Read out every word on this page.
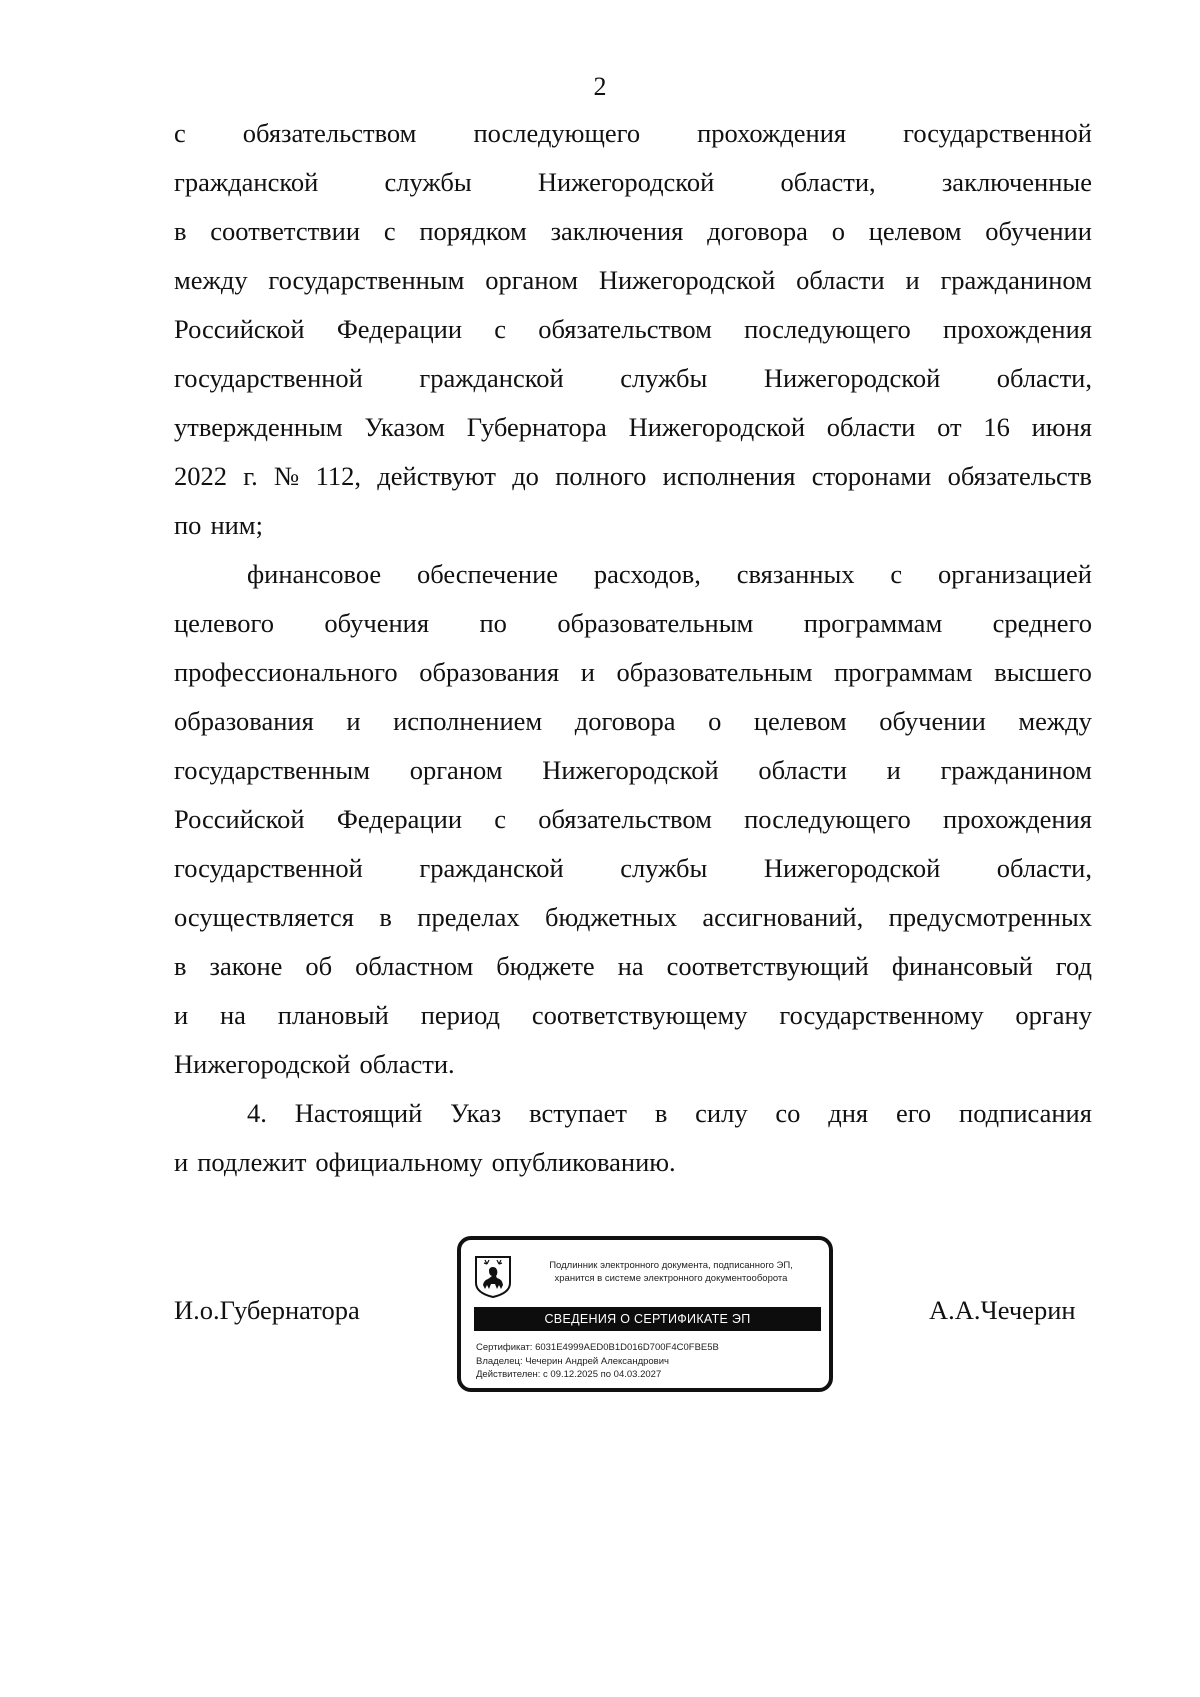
2
с обязательством последующего прохождения государственной
гражданской службы Нижегородской области, заключенные
в соответствии с порядком заключения договора о целевом обучении
между государственным органом Нижегородской области и гражданином
Российской Федерации с обязательством последующего прохождения
государственной гражданской службы Нижегородской области,
утвержденным Указом Губернатора Нижегородской области от 16 июня
2022 г. № 112, действуют до полного исполнения сторонами обязательств
по ним;
финансовое обеспечение расходов, связанных с организацией
целевого обучения по образовательным программам среднего
профессионального образования и образовательным программам высшего
образования и исполнением договора о целевом обучении между
государственным органом Нижегородской области и гражданином
Российской Федерации с обязательством последующего прохождения
государственной гражданской службы Нижегородской области,
осуществляется в пределах бюджетных ассигнований, предусмотренных
в законе об областном бюджете на соответствующий финансовый год
и на плановый период соответствующему государственному органу
Нижегородской области.
4. Настоящий Указ вступает в силу со дня его подписания
и подлежит официальному опубликованию.
И.о.Губернатора
Подлинник электронного документа, подписанного ЭП,
хранится в системе электронного документооборота
СВЕДЕНИЯ О СЕРТИФИКАТЕ ЭП
Сертификат: 6031E4999AED0B1D016D700F4C0FBE5B
Владелец: Чечерин Андрей Александрович
Действителен: с 09.12.2025 по 04.03.2027
А.А.Чечерин
